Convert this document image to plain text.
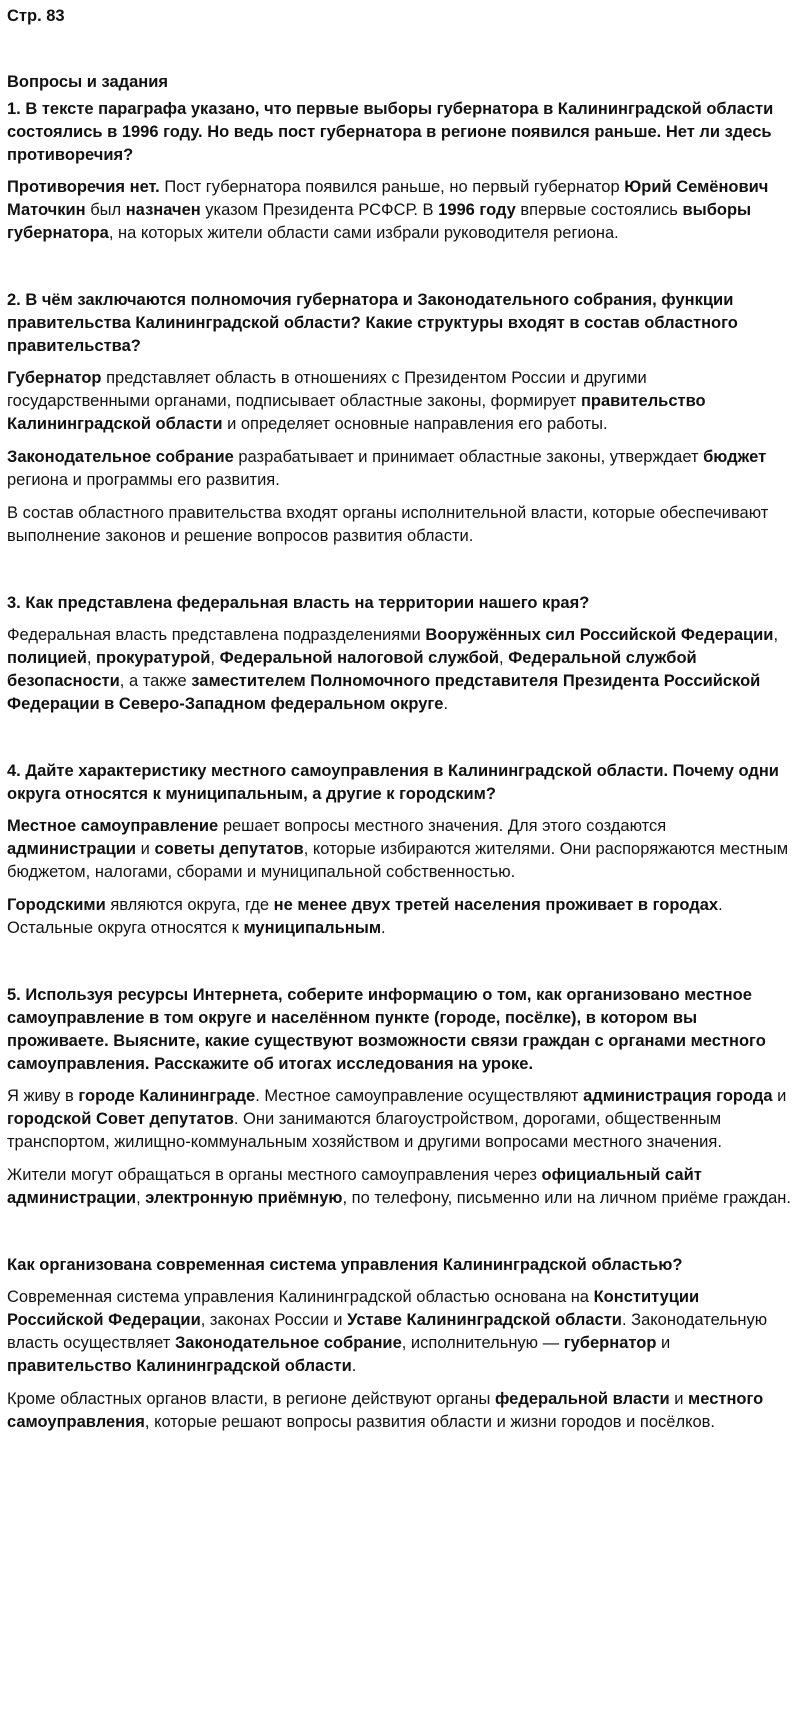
Стр. 83
Вопросы и задания
1. В тексте параграфа указано, что первые выборы губернатора в Калининградской области состоялись в 1996 году. Но ведь пост губернатора в регионе появился раньше. Нет ли здесь противоречия?
Противоречия нет. Пост губернатора появился раньше, но первый губернатор Юрий Семёнович Маточкин был назначен указом Президента РСФСР. В 1996 году впервые состоялись выборы губернатора, на которых жители области сами избрали руководителя региона.
2. В чём заключаются полномочия губернатора и Законодательного собрания, функции правительства Калининградской области? Какие структуры входят в состав областного правительства?
Губернатор представляет область в отношениях с Президентом России и другими государственными органами, подписывает областные законы, формирует правительство Калининградской области и определяет основные направления его работы.
Законодательное собрание разрабатывает и принимает областные законы, утверждает бюджет региона и программы его развития.
В состав областного правительства входят органы исполнительной власти, которые обеспечивают выполнение законов и решение вопросов развития области.
3. Как представлена федеральная власть на территории нашего края?
Федеральная власть представлена подразделениями Вооружённых сил Российской Федерации, полицией, прокуратурой, Федеральной налоговой службой, Федеральной службой безопасности, а также заместителем Полномочного представителя Президента Российской Федерации в Северо-Западном федеральном округе.
4. Дайте характеристику местного самоуправления в Калининградской области. Почему одни округа относятся к муниципальным, а другие к городским?
Местное самоуправление решает вопросы местного значения. Для этого создаются администрации и советы депутатов, которые избираются жителями. Они распоряжаются местным бюджетом, налогами, сборами и муниципальной собственностью.
Городскими являются округа, где не менее двух третей населения проживает в городах. Остальные округа относятся к муниципальным.
5. Используя ресурсы Интернета, соберите информацию о том, как организовано местное самоуправление в том округе и населённом пункте (городе, посёлке), в котором вы проживаете. Выясните, какие существуют возможности связи граждан с органами местного самоуправления. Расскажите об итогах исследования на уроке.
Я живу в городе Калининграде. Местное самоуправление осуществляют администрация города и городской Совет депутатов. Они занимаются благоустройством, дорогами, общественным транспортом, жилищно-коммунальным хозяйством и другими вопросами местного значения.
Жители могут обращаться в органы местного самоуправления через официальный сайт администрации, электронную приёмную, по телефону, письменно или на личном приёме граждан.
Как организована современная система управления Калининградской областью?
Современная система управления Калининградской областью основана на Конституции Российской Федерации, законах России и Уставе Калининградской области. Законодательную власть осуществляет Законодательное собрание, исполнительную — губернатор и правительство Калининградской области.
Кроме областных органов власти, в регионе действуют органы федеральной власти и местного самоуправления, которые решают вопросы развития области и жизни городов и посёлков.
